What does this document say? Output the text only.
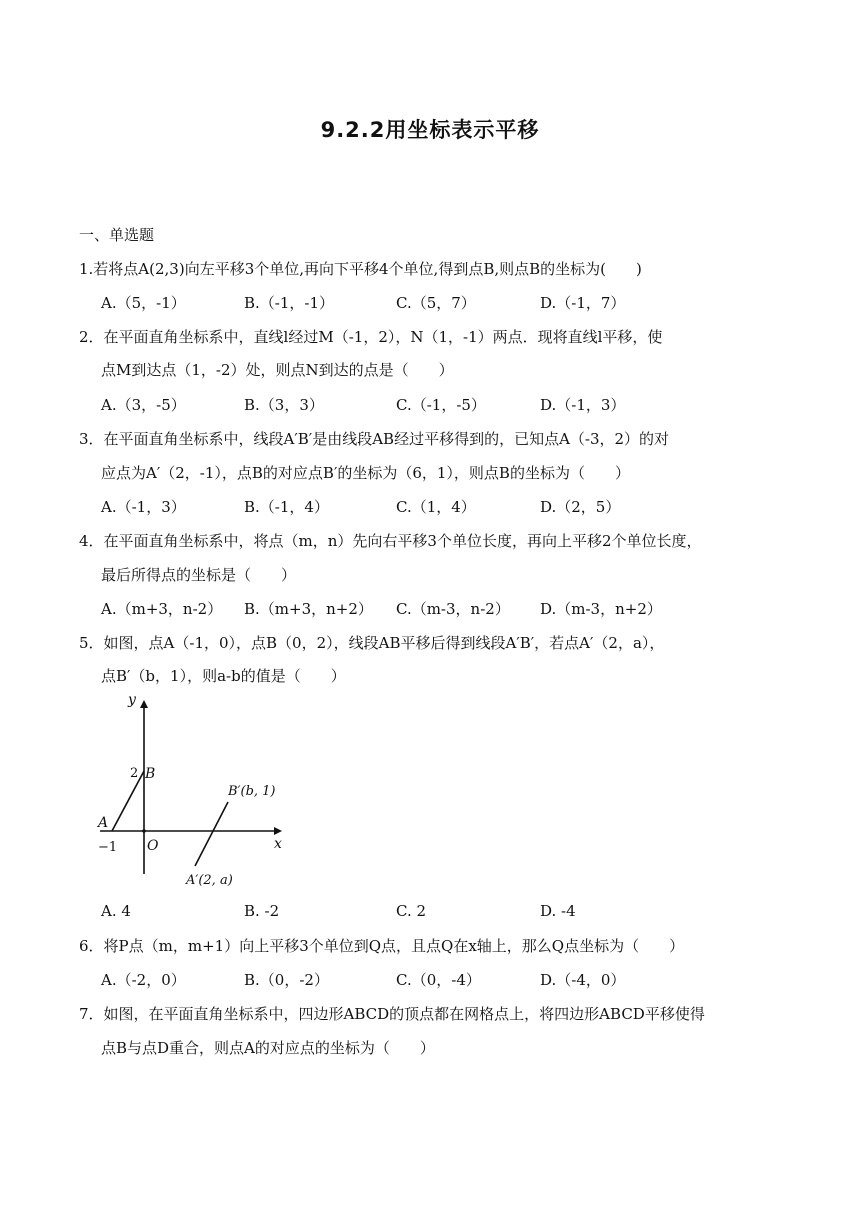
9.2.2用坐标表示平移
一、单选题
1.若将点A(2,3)向左平移3个单位,再向下平移4个单位,得到点B,则点B的坐标为(　　)
A.（5，-1）	B.（-1，-1）	C.（5，7）	D.（-1，7）
2．在平面直角坐标系中，直线l经过M（-1，2），N（1，-1）两点．现将直线l平移，使
点M到达点（1，-2）处，则点N到达的点是（　　）
A.（3，-5）	B.（3，3）	C.（-1，-5）	D.（-1，3）
3．在平面直角坐标系中，线段A′B′是由线段AB经过平移得到的，已知点A（-3，2）的对
应点为A′（2，-1），点B的对应点B′的坐标为（6，1），则点B的坐标为（　　）
A.（-1，3）	B.（-1，4）	C.（1，4）	D.（2，5）
4．在平面直角坐标系中，将点（m，n）先向右平移3个单位长度，再向上平移2个单位长度，
最后所得点的坐标是（　　）
A.（m+3，n-2） B.（m+3，n+2） C.（m-3，n-2） D.（m-3，n+2）
5．如图，点A（-1，0），点B（0，2），线段AB平移后得到线段A′B′，若点A′（2，a），
点B′（b，1），则a-b的值是（　　）
y
x
2 B
A
−1 O
B′(b, 1)
A′(2, a)
A. 4	B. -2	C. 2	D. -4
6．将P点（m，m+1）向上平移3个单位到Q点，且点Q在x轴上，那么Q点坐标为（　　）
A.（-2，0）	B.（0，-2）	C.（0，-4）	D.（-4，0）
7．如图，在平面直角坐标系中，四边形ABCD的顶点都在网格点上，将四边形ABCD平移使得
点B与点D重合，则点A的对应点的坐标为（　　）
